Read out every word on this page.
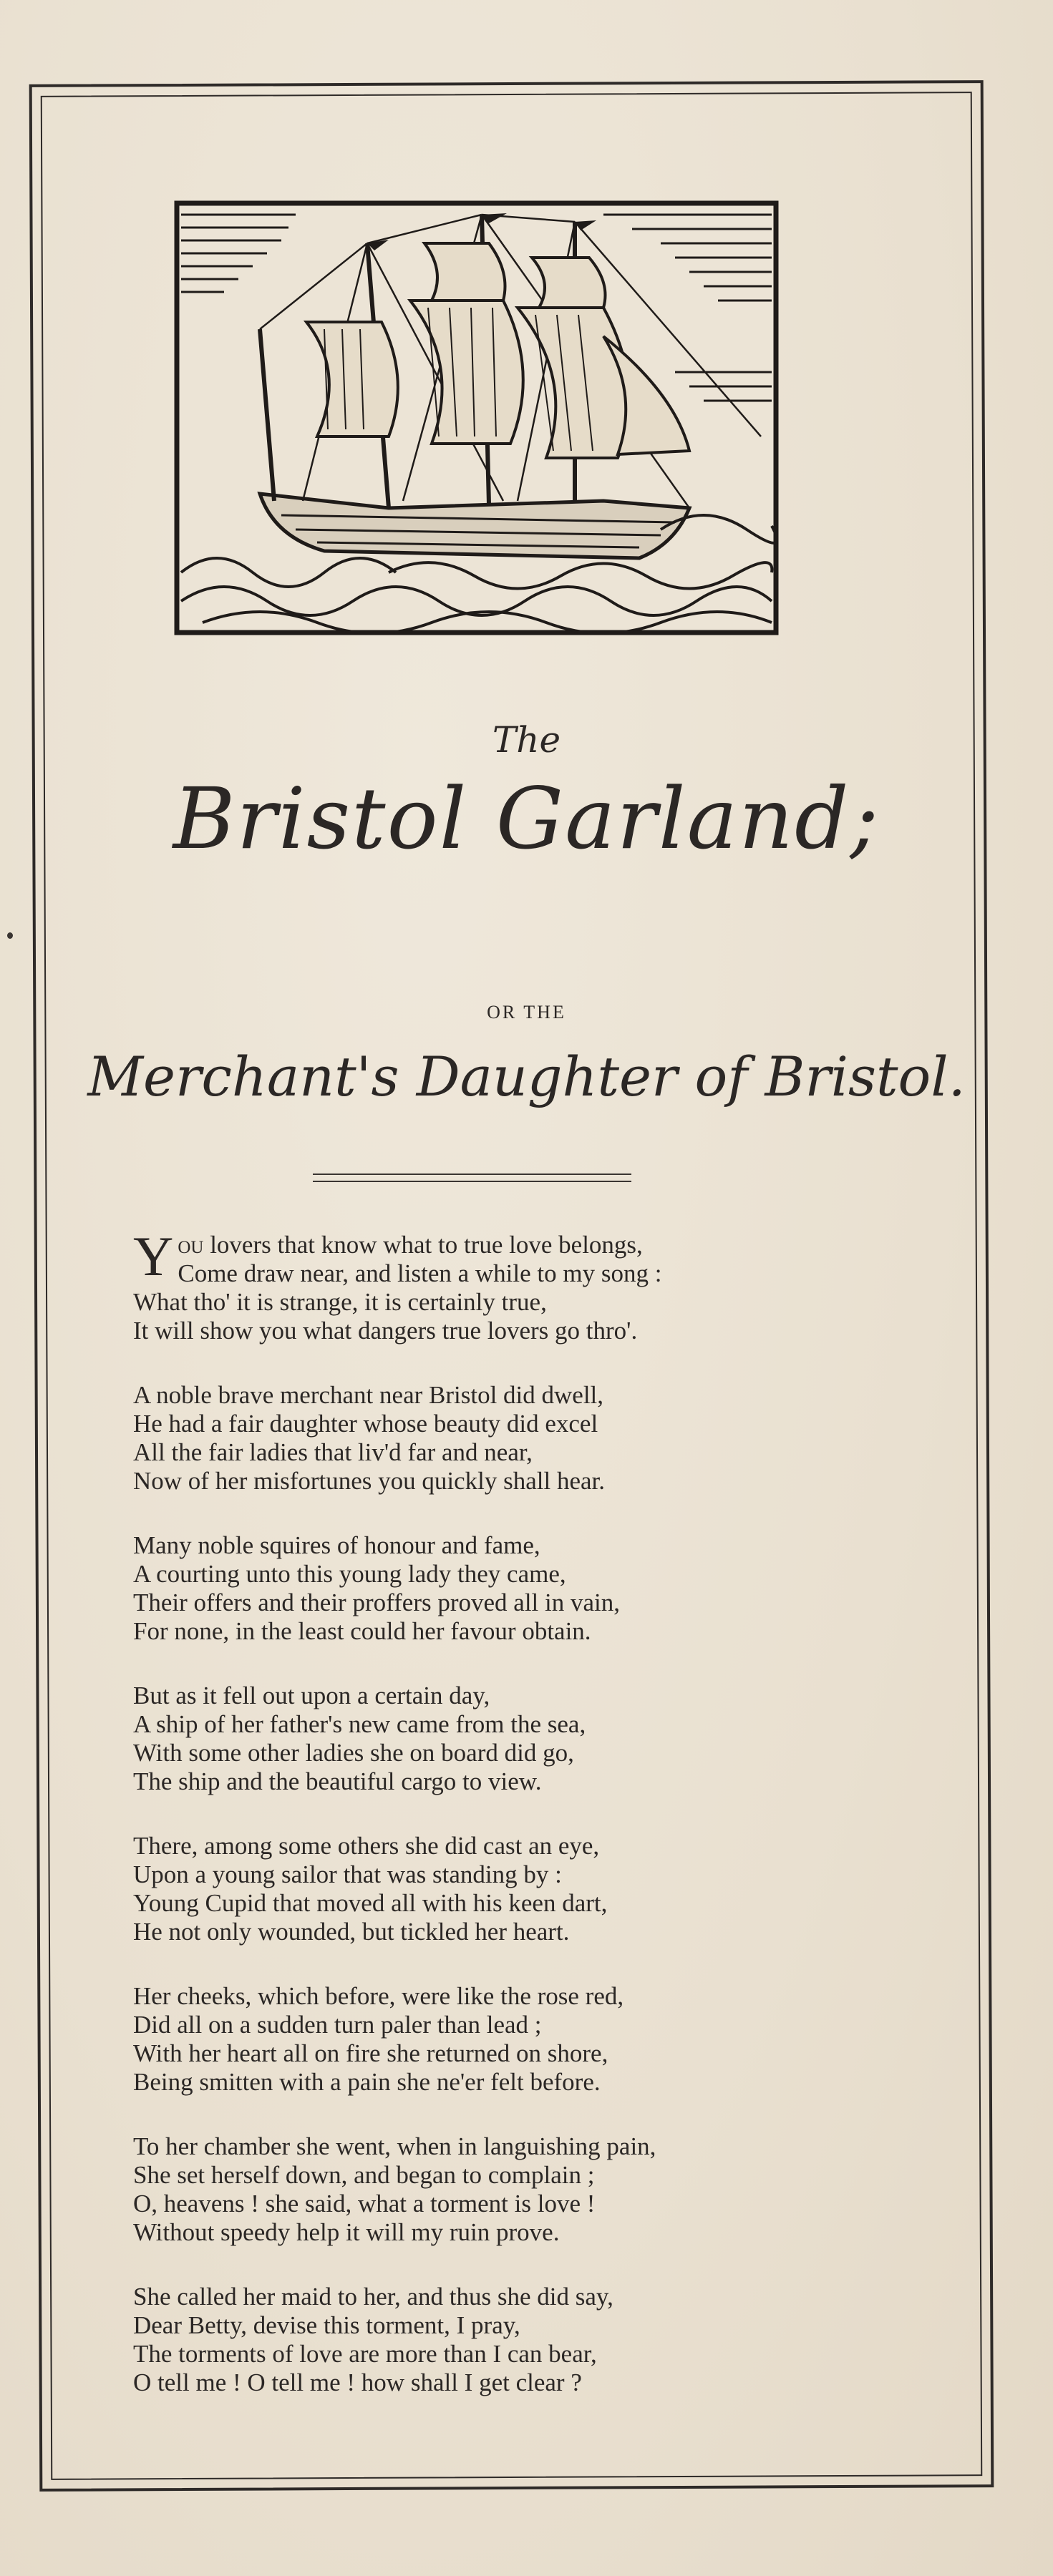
The
Bristol Garland;
OR THE
Merchant's Daughter of Bristol.
You lovers that know what to true love belongs,
Come draw near, and listen a while to my song :
What tho' it is strange, it is certainly true,
It will show you what dangers true lovers go thro'.
A noble brave merchant near Bristol did dwell,
He had a fair daughter whose beauty did excel
All the fair ladies that liv'd far and near,
Now of her misfortunes you quickly shall hear.
Many noble squires of honour and fame,
A courting unto this young lady they came,
Their offers and their proffers proved all in vain,
For none, in the least could her favour obtain.
But as it fell out upon a certain day,
A ship of her father's new came from the sea,
With some other ladies she on board did go,
The ship and the beautiful cargo to view.
There, among some others she did cast an eye,
Upon a young sailor that was standing by :
Young Cupid that moved all with his keen dart,
He not only wounded, but tickled her heart.
Her cheeks, which before, were like the rose red,
Did all on a sudden turn paler than lead ;
With her heart all on fire she returned on shore,
Being smitten with a pain she ne'er felt before.
To her chamber she went, when in languishing pain,
She set herself down, and began to complain ;
O, heavens ! she said, what a torment is love !
Without speedy help it will my ruin prove.
She called her maid to her, and thus she did say,
Dear Betty, devise this torment, I pray,
The torments of love are more than I can bear,
O tell me ! O tell me ! how shall I get clear ?
